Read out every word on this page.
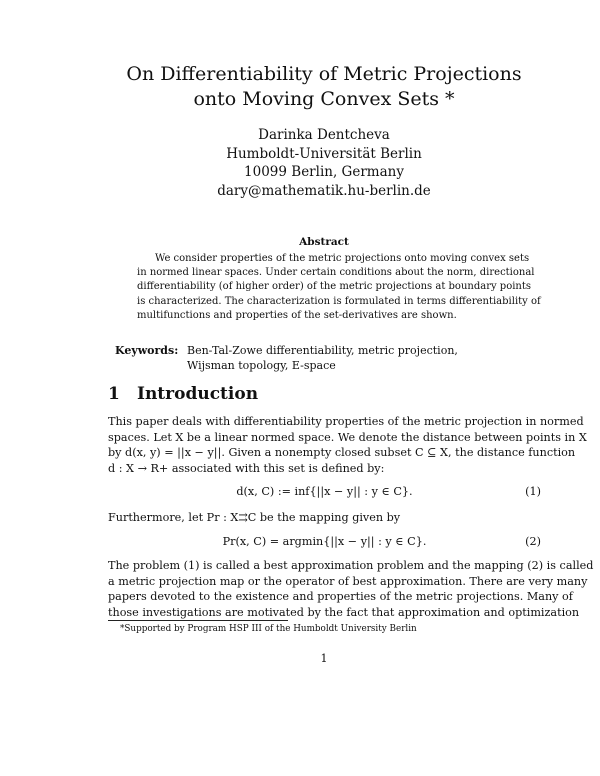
On Differentiability of Metric Projections
onto Moving Convex Sets *
Darinka Dentcheva
Humboldt-Universität Berlin
10099 Berlin, Germany
dary@mathematik.hu-berlin.de
Abstract
We consider properties of the metric projections onto moving convex sets
in normed linear spaces. Under certain conditions about the norm, directional
differentiability (of higher order) of the metric projections at boundary points
is characterized. The characterization is formulated in terms differentiability of
multifunctions and properties of the set-derivatives are shown.
Keywords: Ben-Tal-Zowe differentiability, metric projection,
Wijsman topology, E-space
1 Introduction
This paper deals with differentiability properties of the metric projection in normed
spaces. Let X be a linear normed space. We denote the distance between points in X
by d(x, y) = ||x − y||. Given a nonempty closed subset C ⊆ X, the distance function
d : X → R+ associated with this set is defined by:
d(x, C) := inf{||x − y|| : y ∈ C}.	(1)
Furthermore, let Pr : X⇉C be the mapping given by
Pr(x, C) = argmin{||x − y|| : y ∈ C}.	(2)
The problem (1) is called a best approximation problem and the mapping (2) is called
a metric projection map or the operator of best approximation. There are very many
papers devoted to the existence and properties of the metric projections. Many of
those investigations are motivated by the fact that approximation and optimization
*Supported by Program HSP III of the Humboldt University Berlin
1
